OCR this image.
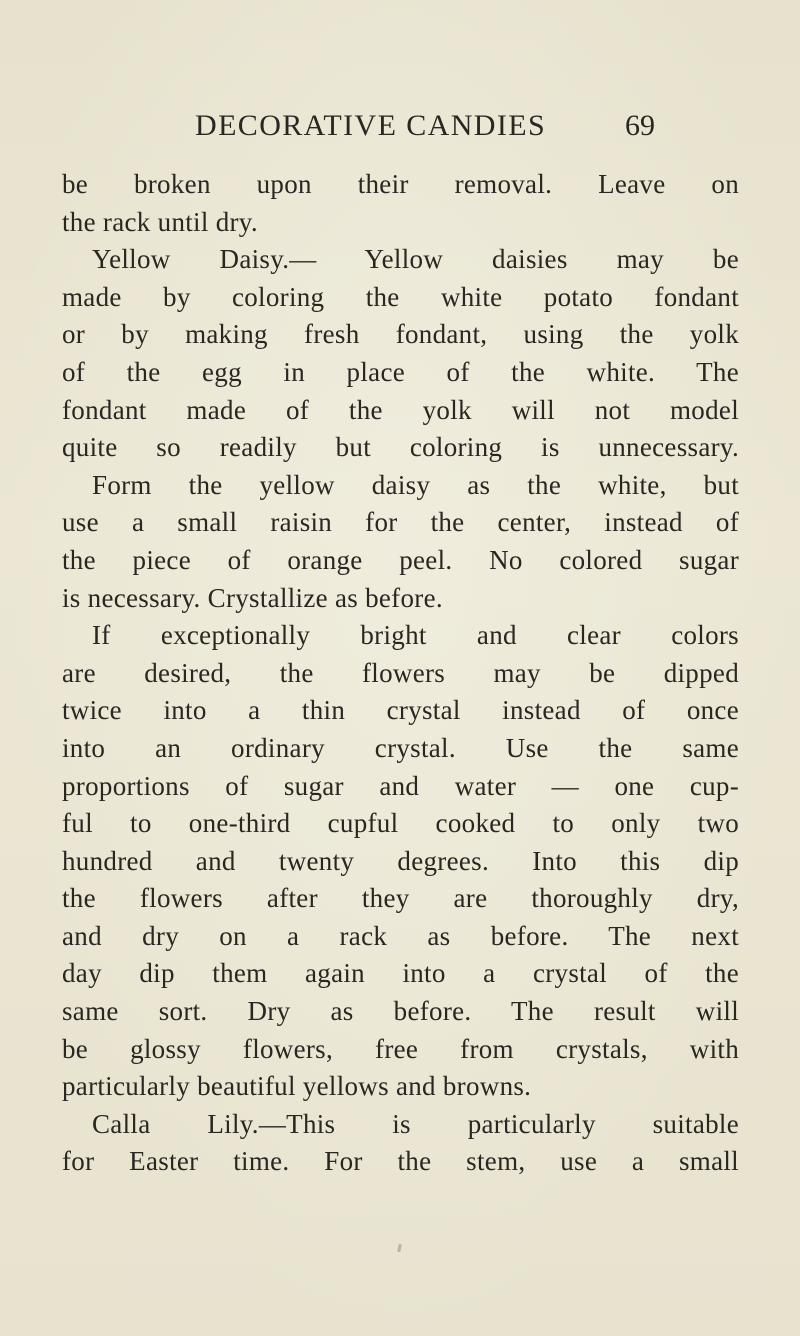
DECORATIVE CANDIES	69
be broken upon their removal. Leave on
the rack until dry.
Yellow Daisy.— Yellow daisies may be
made by coloring the white potato fondant
or by making fresh fondant, using the yolk
of the egg in place of the white. The
fondant made of the yolk will not model
quite so readily but coloring is unnecessary.
Form the yellow daisy as the white, but
use a small raisin for the center, instead of
the piece of orange peel. No colored sugar
is necessary. Crystallize as before.
If exceptionally bright and clear colors
are desired, the flowers may be dipped
twice into a thin crystal instead of once
into an ordinary crystal. Use the same
proportions of sugar and water — one cup-
ful to one-third cupful cooked to only two
hundred and twenty degrees. Into this dip
the flowers after they are thoroughly dry,
and dry on a rack as before. The next
day dip them again into a crystal of the
same sort. Dry as before. The result will
be glossy flowers, free from crystals, with
particularly beautiful yellows and browns.
Calla Lily.—This is particularly suitable
for Easter time. For the stem, use a small
